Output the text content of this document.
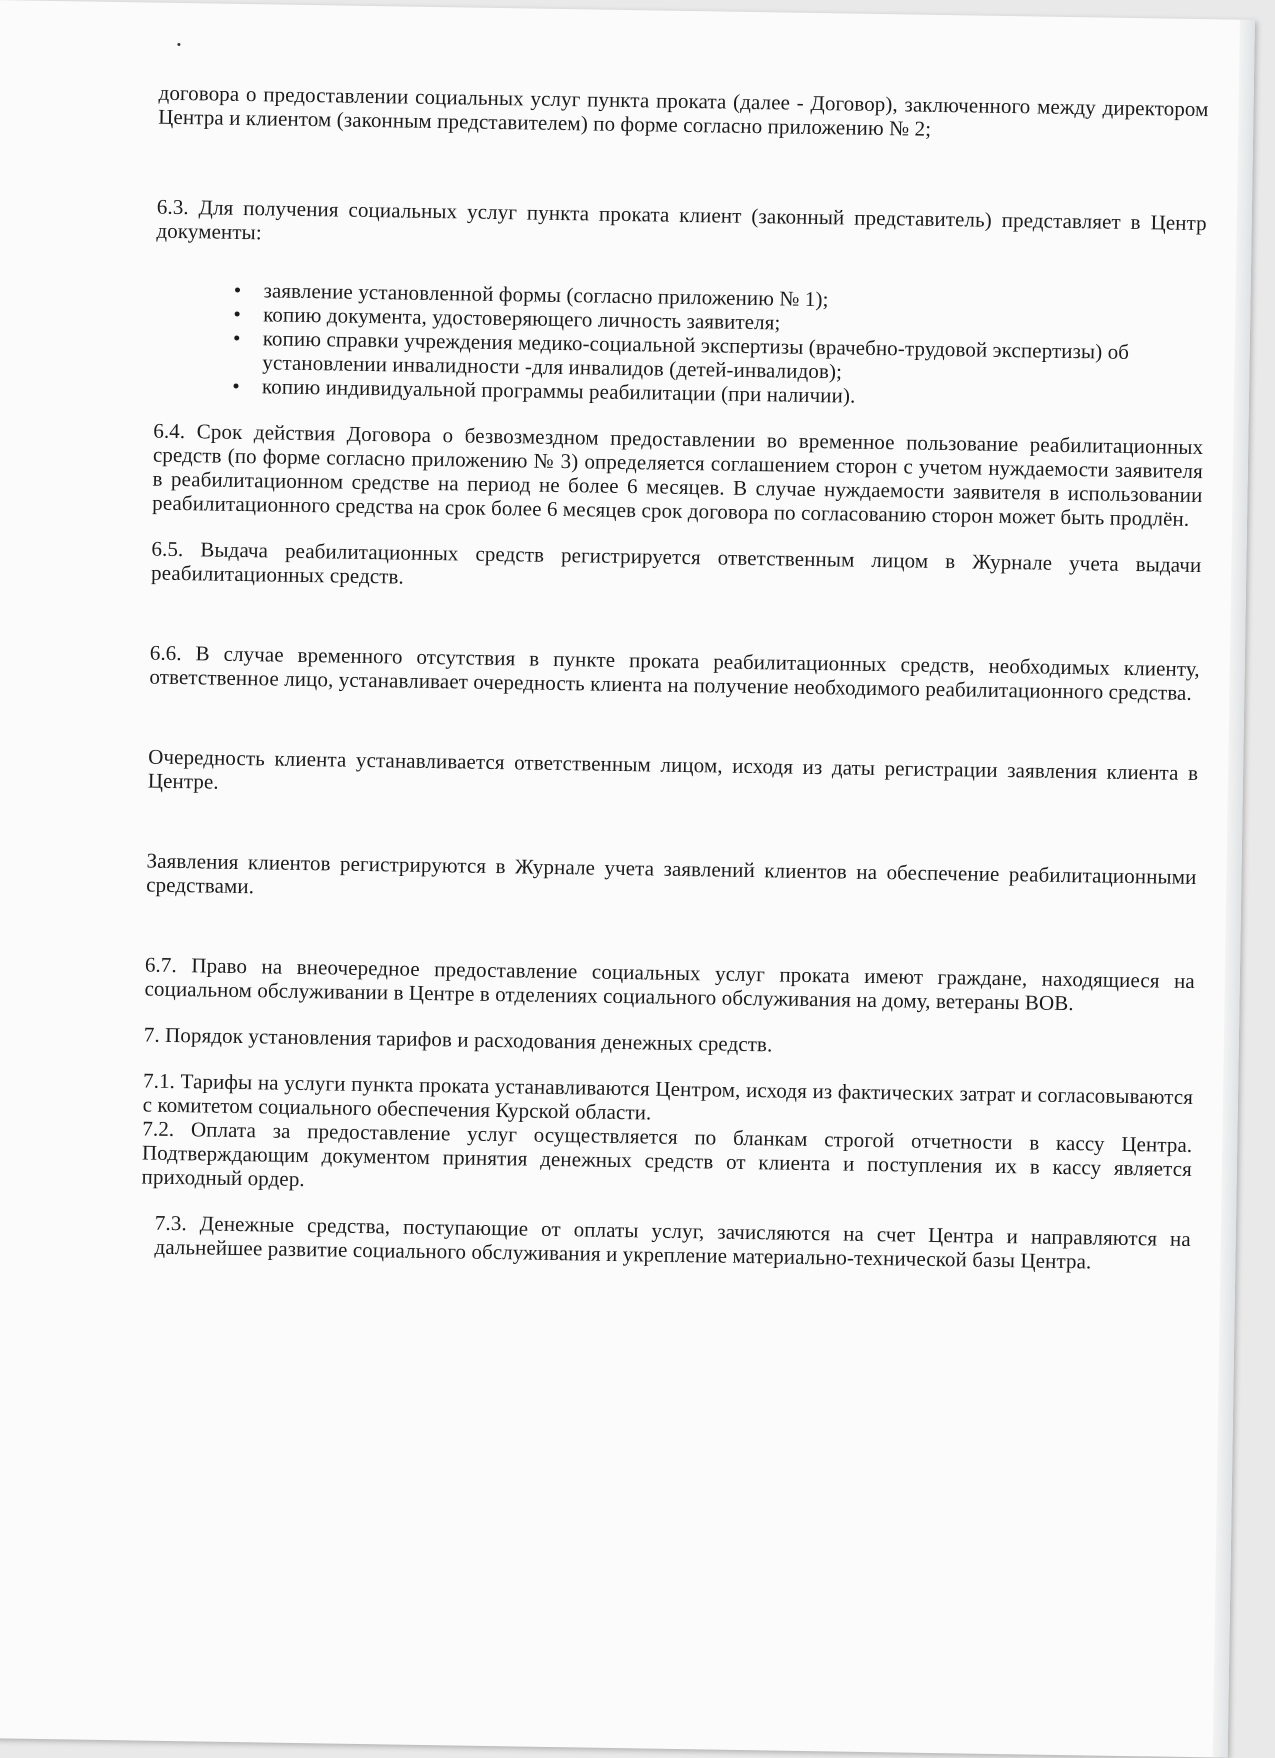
договора о предоставлении социальных услуг пункта проката (далее - Договор), заключенного между директором Центра и клиентом (законным представителем) по форме согласно приложению № 2;

6.3. Для получения социальных услуг пункта проката клиент (законный представитель) представляет в Центр документы:

•	заявление установленной формы (согласно приложению № 1);
•	копию документа, удостоверяющего личность заявителя;
•	копию справки учреждения медико-социальной экспертизы (врачебно-трудовой экспертизы) об установлении инвалидности -для инвалидов (детей-инвалидов);
•	копию индивидуальной программы реабилитации (при наличии).

6.4. Срок действия Договора о безвозмездном предоставлении во временное пользование реабилитационных средств (по форме согласно приложению № 3) определяется соглашением сторон с учетом нуждаемости заявителя в реабилитационном средстве на период не более 6 месяцев. В случае нуждаемости заявителя в использовании реабилитационного средства на срок более 6 месяцев срок договора по согласованию сторон может быть продлён.

6.5. Выдача реабилитационных средств регистрируется ответственным лицом в Журнале учета выдачи реабилитационных средств.

6.6. В случае временного отсутствия в пункте проката реабилитационных средств, необходимых клиенту, ответственное лицо, устанавливает очередность клиента на получение необходимого реабилитационного средства.

Очередность клиента устанавливается ответственным лицом, исходя из даты регистрации заявления клиента в Центре.

Заявления клиентов регистрируются в Журнале учета заявлений клиентов на обеспечение реабилитационными средствами.

6.7. Право на внеочередное предоставление социальных услуг проката имеют граждане, находящиеся на социальном обслуживании в Центре в отделениях социального обслуживания на дому, ветераны ВОВ.

7. Порядок установления тарифов и расходования денежных средств.

7.1. Тарифы на услуги пункта проката устанавливаются Центром, исходя из фактических затрат и согласовываются с комитетом социального обеспечения Курской области.

7.2. Оплата за предоставление услуг осуществляется по бланкам строгой отчетности в кассу Центра. Подтверждающим документом принятия денежных средств от клиента и поступления их в кассу является приходный ордер.

7.3. Денежные средства, поступающие от оплаты услуг, зачисляются на счет Центра и направляются на дальнейшее развитие социального обслуживания и укрепление материально-технической базы Центра.
